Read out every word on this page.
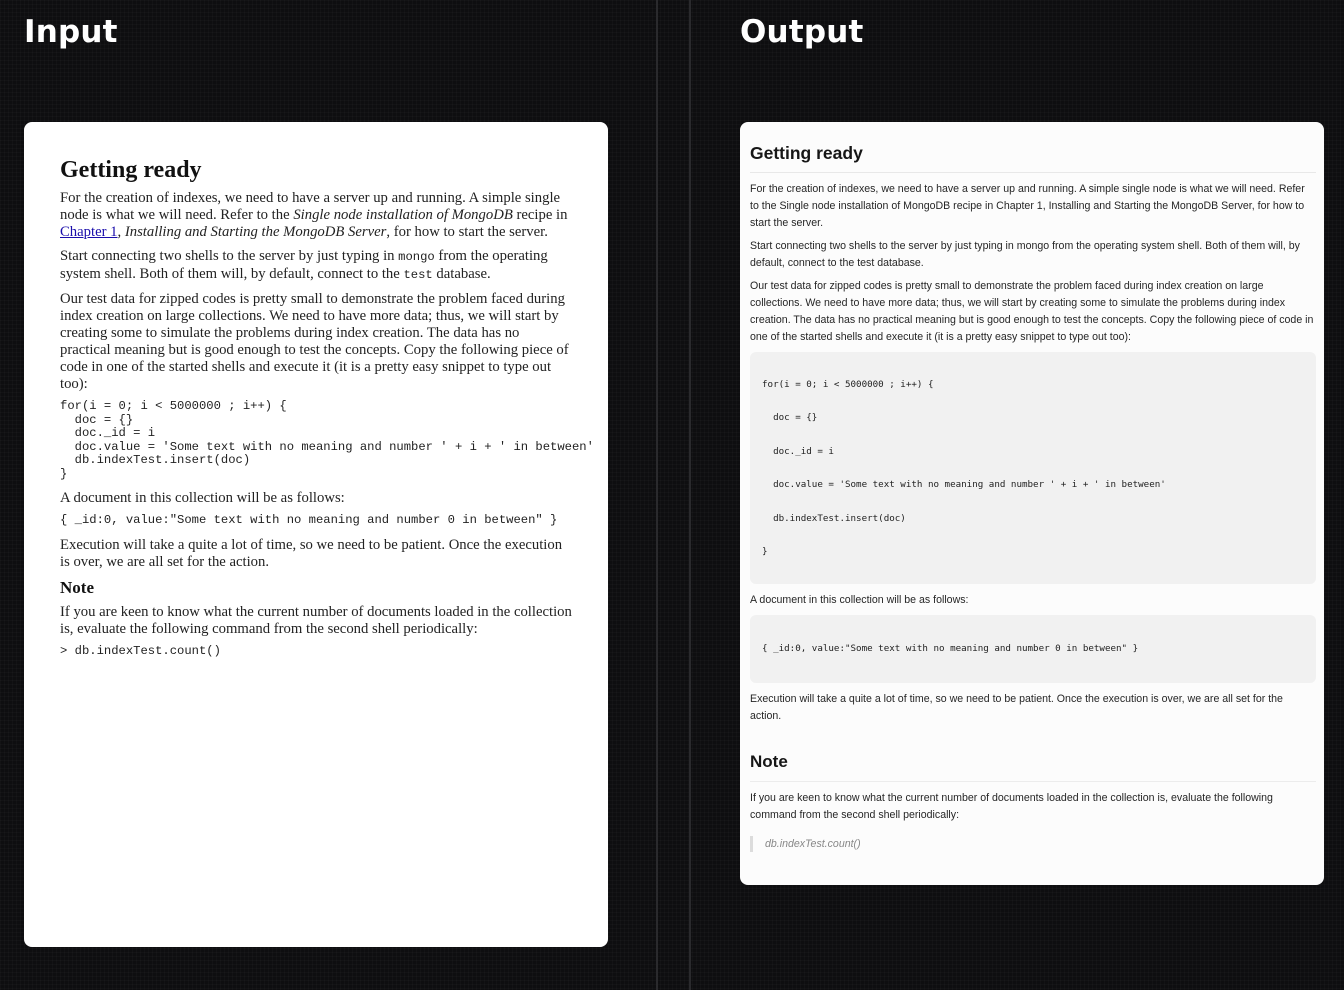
Input	Output
Getting ready

For the creation of indexes, we need to have a server up and running. A simple single node is what we will need. Refer to the Single node installation of MongoDB recipe in Chapter 1, Installing and Starting the MongoDB Server, for how to start the server.

Start connecting two shells to the server by just typing in mongo from the operating system shell. Both of them will, by default, connect to the test database.

Our test data for zipped codes is pretty small to demonstrate the problem faced during index creation on large collections. We need to have more data; thus, we will start by creating some to simulate the problems during index creation. The data has no practical meaning but is good enough to test the concepts. Copy the following piece of code in one of the started shells and execute it (it is a pretty easy snippet to type out too):

for(i = 0; i < 5000000 ; i++) {
doc = {}
doc._id = i
doc.value = 'Some text with no meaning and number ' + i + ' in between'
db.indexTest.insert(doc)
}

A document in this collection will be as follows:

{ _id:0, value:"Some text with no meaning and number 0 in between" }

Execution will take a quite a lot of time, so we need to be patient. Once the execution is over, we are all set for the action.

Note

If you are keen to know what the current number of documents loaded in the collection is, evaluate the following command from the second shell periodically:

> db.indexTest.count()
Getting ready

For the creation of indexes, we need to have a server up and running. A simple single node is what we will need. Refer to the Single node installation of MongoDB recipe in Chapter 1, Installing and Starting the MongoDB Server, for how to start the server.

Start connecting two shells to the server by just typing in mongo from the operating system shell. Both of them will, by default, connect to the test database.

Our test data for zipped codes is pretty small to demonstrate the problem faced during index creation on large collections. We need to have more data; thus, we will start by creating some to simulate the problems during index creation. The data has no practical meaning but is good enough to test the concepts. Copy the following piece of code in one of the started shells and execute it (it is a pretty easy snippet to type out too):

for(i = 0; i < 5000000 ; i++) {
doc = {}
doc._id = i
doc.value = 'Some text with no meaning and number ' + i + ' in between'
db.indexTest.insert(doc)
}

A document in this collection will be as follows:

{ _id:0, value:"Some text with no meaning and number 0 in between" }

Execution will take a quite a lot of time, so we need to be patient. Once the execution is over, we are all set for the action.

Note

If you are keen to know what the current number of documents loaded in the collection is, evaluate the following command from the second shell periodically:

db.indexTest.count()
